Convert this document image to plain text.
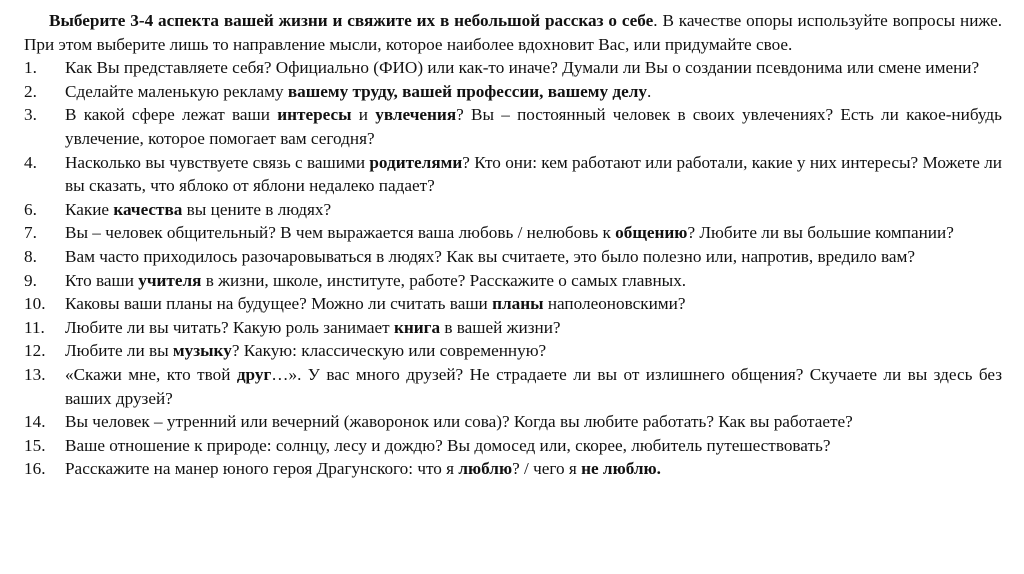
Выберите 3-4 аспекта вашей жизни и свяжите их в небольшой рассказ о себе. В качестве опоры используйте вопросы ниже. При этом выберите лишь то направление мысли, которое наиболее вдохновит Вас, или придумайте свое.

1. Как Вы представляете себя? Официально (ФИО) или как-то иначе? Думали ли Вы о создании псевдонима или смене имени?
2. Сделайте маленькую рекламу вашему труду, вашей профессии, вашему делу.
3. В какой сфере лежат ваши интересы и увлечения? Вы – постоянный человек в своих увлечениях? Есть ли какое-нибудь увлечение, которое помогает вам сегодня?
4. Насколько вы чувствуете связь с вашими родителями? Кто они: кем работают или работали, какие у них интересы? Можете ли вы сказать, что яблоко от яблони недалеко падает?
6. Какие качества вы цените в людях?
7. Вы – человек общительный? В чем выражается ваша любовь / нелюбовь к общению? Любите ли вы большие компании?
8. Вам часто приходилось разочаровываться в людях? Как вы считаете, это было полезно или, напротив, вредило вам?
9. Кто ваши учителя в жизни, школе, институте, работе? Расскажите о самых главных.
10. Каковы ваши планы на будущее? Можно ли считать ваши планы наполеоновскими?
11. Любите ли вы читать? Какую роль занимает книга в вашей жизни?
12. Любите ли вы музыку? Какую: классическую или современную?
13. «Скажи мне, кто твой друг…». У вас много друзей? Не страдаете ли вы от излишнего общения? Скучаете ли вы здесь без ваших друзей?
14. Вы человек – утренний или вечерний (жаворонок или сова)? Когда вы любите работать? Как вы работаете?
15. Ваше отношение к природе: солнцу, лесу и дождю? Вы домосед или, скорее, любитель путешествовать?
16. Расскажите на манер юного героя Драгунского: что я люблю? / чего я не люблю.
